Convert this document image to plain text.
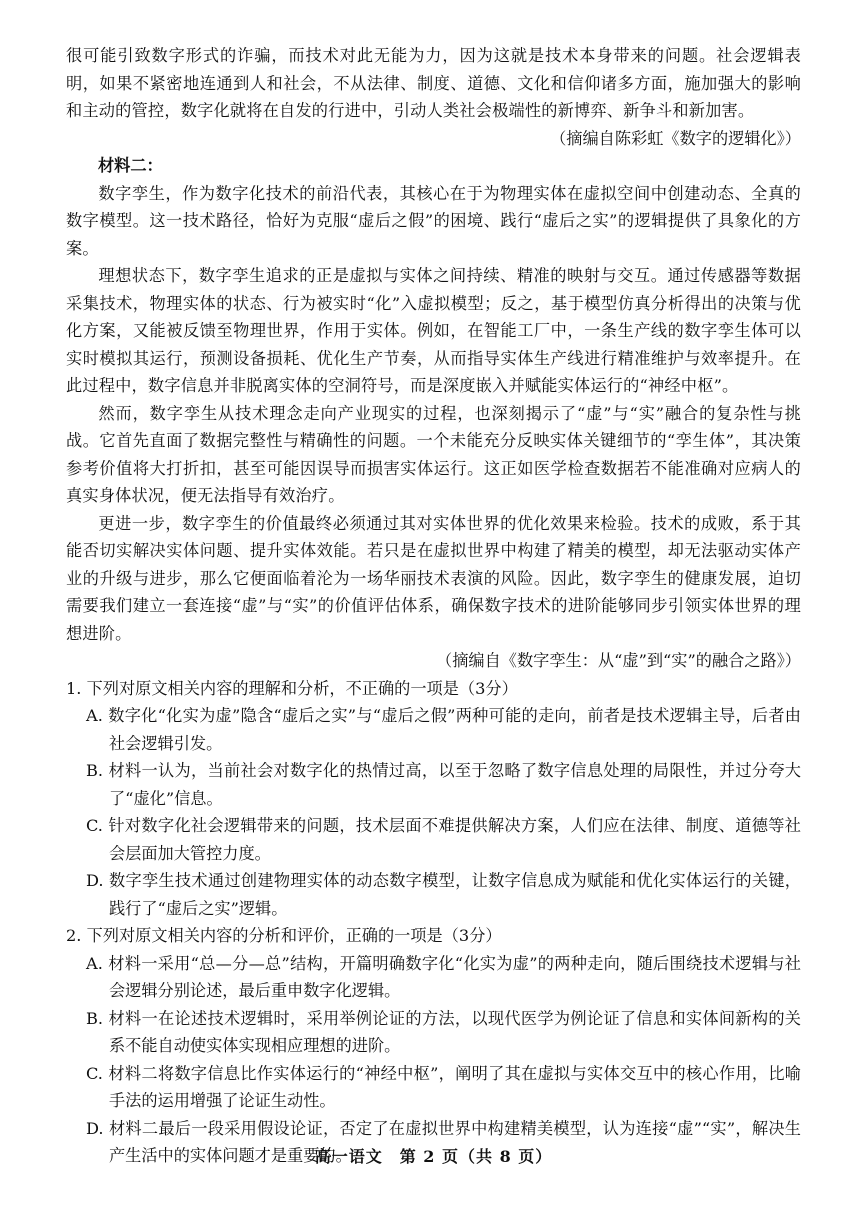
很可能引致数字形式的诈骗，而技术对此无能为力，因为这就是技术本身带来的问题。社会逻辑表明，如果不紧密地连通到人和社会，不从法律、制度、道德、文化和信仰诸多方面，施加强大的影响和主动的管控，数字化就将在自发的行进中，引动人类社会极端性的新博弈、新争斗和新加害。

（摘编自陈彩虹《数字的逻辑化》）

材料二：

数字孪生，作为数字化技术的前沿代表，其核心在于为物理实体在虚拟空间中创建动态、全真的数字模型。这一技术路径，恰好为克服“虚后之假”的困境、践行“虚后之实”的逻辑提供了具象化的方案。

理想状态下，数字孪生追求的正是虚拟与实体之间持续、精准的映射与交互。通过传感器等数据采集技术，物理实体的状态、行为被实时“化”入虚拟模型；反之，基于模型仿真分析得出的决策与优化方案，又能被反馈至物理世界，作用于实体。例如，在智能工厂中，一条生产线的数字孪生体可以实时模拟其运行，预测设备损耗、优化生产节奏，从而指导实体生产线进行精准维护与效率提升。在此过程中，数字信息并非脱离实体的空洞符号，而是深度嵌入并赋能实体运行的“神经中枢”。

然而，数字孪生从技术理念走向产业现实的过程，也深刻揭示了“虚”与“实”融合的复杂性与挑战。它首先直面了数据完整性与精确性的问题。一个未能充分反映实体关键细节的“孪生体”，其决策参考价值将大打折扣，甚至可能因误导而损害实体运行。这正如医学检查数据若不能准确对应病人的真实身体状况，便无法指导有效治疗。

更进一步，数字孪生的价值最终必须通过其对实体世界的优化效果来检验。技术的成败，系于其能否切实解决实体问题、提升实体效能。若只是在虚拟世界中构建了精美的模型，却无法驱动实体产业的升级与进步，那么它便面临着沦为一场华丽技术表演的风险。因此，数字孪生的健康发展，迫切需要我们建立一套连接“虚”与“实”的价值评估体系，确保数字技术的进阶能够同步引领实体世界的理想进阶。

（摘编自《数字孪生：从“虚”到“实”的融合之路》）

1. 下列对原文相关内容的理解和分析，不正确的一项是（3分）

A. 数字化“化实为虚”隐含“虚后之实”与“虚后之假”两种可能的走向，前者是技术逻辑主导，后者由社会逻辑引发。

B. 材料一认为，当前社会对数字化的热情过高，以至于忽略了数字信息处理的局限性，并过分夸大了“虚化”信息。

C. 针对数字化社会逻辑带来的问题，技术层面不难提供解决方案，人们应在法律、制度、道德等社会层面加大管控力度。

D. 数字孪生技术通过创建物理实体的动态数字模型，让数字信息成为赋能和优化实体运行的关键，践行了“虚后之实”逻辑。

2. 下列对原文相关内容的分析和评价，正确的一项是（3分）

A. 材料一采用“总—分—总”结构，开篇明确数字化“化实为虚”的两种走向，随后围绕技术逻辑与社会逻辑分别论述，最后重申数字化逻辑。

B. 材料一在论述技术逻辑时，采用举例论证的方法，以现代医学为例论证了信息和实体间新构的关系不能自动使实体实现相应理想的进阶。

C. 材料二将数字信息比作实体运行的“神经中枢”，阐明了其在虚拟与实体交互中的核心作用，比喻手法的运用增强了论证生动性。

D. 材料二最后一段采用假设论证，否定了在虚拟世界中构建精美模型，认为连接“虚”“实”，解决生产生活中的实体问题才是重要的。

高一语文　第 2 页（共 8 页）
